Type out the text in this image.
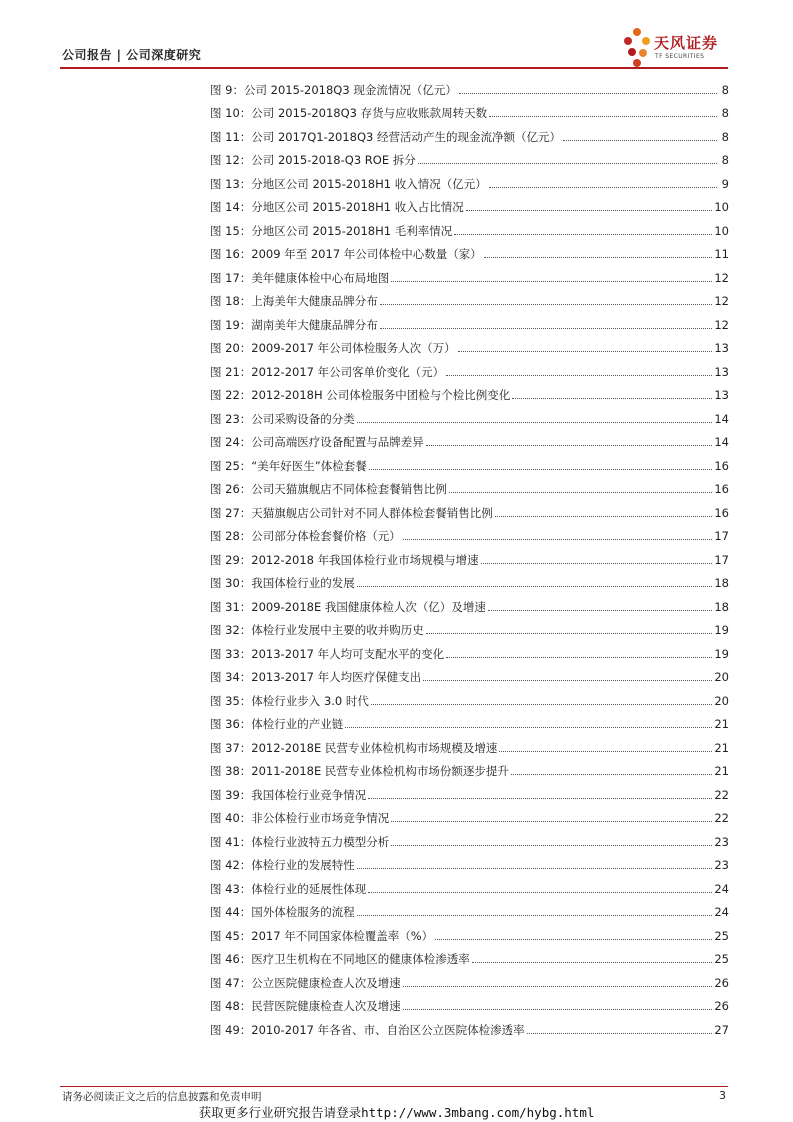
公司报告 | 公司深度研究
天风证券
TF SECURITIES
图 9：公司 2015-2018Q3 现金流情况（亿元）	8
图 10：公司 2015-2018Q3 存货与应收账款周转天数	8
图 11：公司 2017Q1-2018Q3 经营活动产生的现金流净额（亿元）	8
图 12：公司 2015-2018-Q3 ROE 拆分	8
图 13：分地区公司 2015-2018H1 收入情况（亿元）	9
图 14：分地区公司 2015-2018H1 收入占比情况	10
图 15：分地区公司 2015-2018H1 毛利率情况	10
图 16：2009 年至 2017 年公司体检中心数量（家）	11
图 17：美年健康体检中心布局地图	12
图 18：上海美年大健康品牌分布	12
图 19：湖南美年大健康品牌分布	12
图 20：2009-2017 年公司体检服务人次（万）	13
图 21：2012-2017 年公司客单价变化（元）	13
图 22：2012-2018H 公司体检服务中团检与个检比例变化	13
图 23：公司采购设备的分类	14
图 24：公司高端医疗设备配置与品牌差异	14
图 25：“美年好医生”体检套餐	16
图 26：公司天猫旗舰店不同体检套餐销售比例	16
图 27：天猫旗舰店公司针对不同人群体检套餐销售比例	16
图 28：公司部分体检套餐价格（元）	17
图 29：2012-2018 年我国体检行业市场规模与增速	17
图 30：我国体检行业的发展	18
图 31：2009-2018E 我国健康体检人次（亿）及增速	18
图 32：体检行业发展中主要的收并购历史	19
图 33：2013-2017 年人均可支配水平的变化	19
图 34：2013-2017 年人均医疗保健支出	20
图 35：体检行业步入 3.0 时代	20
图 36：体检行业的产业链	21
图 37：2012-2018E 民营专业体检机构市场规模及增速	21
图 38：2011-2018E 民营专业体检机构市场份额逐步提升	21
图 39：我国体检行业竞争情况	22
图 40：非公体检行业市场竞争情况	22
图 41：体检行业波特五力模型分析	23
图 42：体检行业的发展特性	23
图 43：体检行业的延展性体现	24
图 44：国外体检服务的流程	24
图 45：2017 年不同国家体检覆盖率（%）	25
图 46：医疗卫生机构在不同地区的健康体检渗透率	25
图 47：公立医院健康检查人次及增速	26
图 48：民营医院健康检查人次及增速	26
图 49：2010-2017 年各省、市、自治区公立医院体检渗透率	27
请务必阅读正文之后的信息披露和免责申明	3
获取更多行业研究报告请登录http://www.3mbang.com/hybg.html
